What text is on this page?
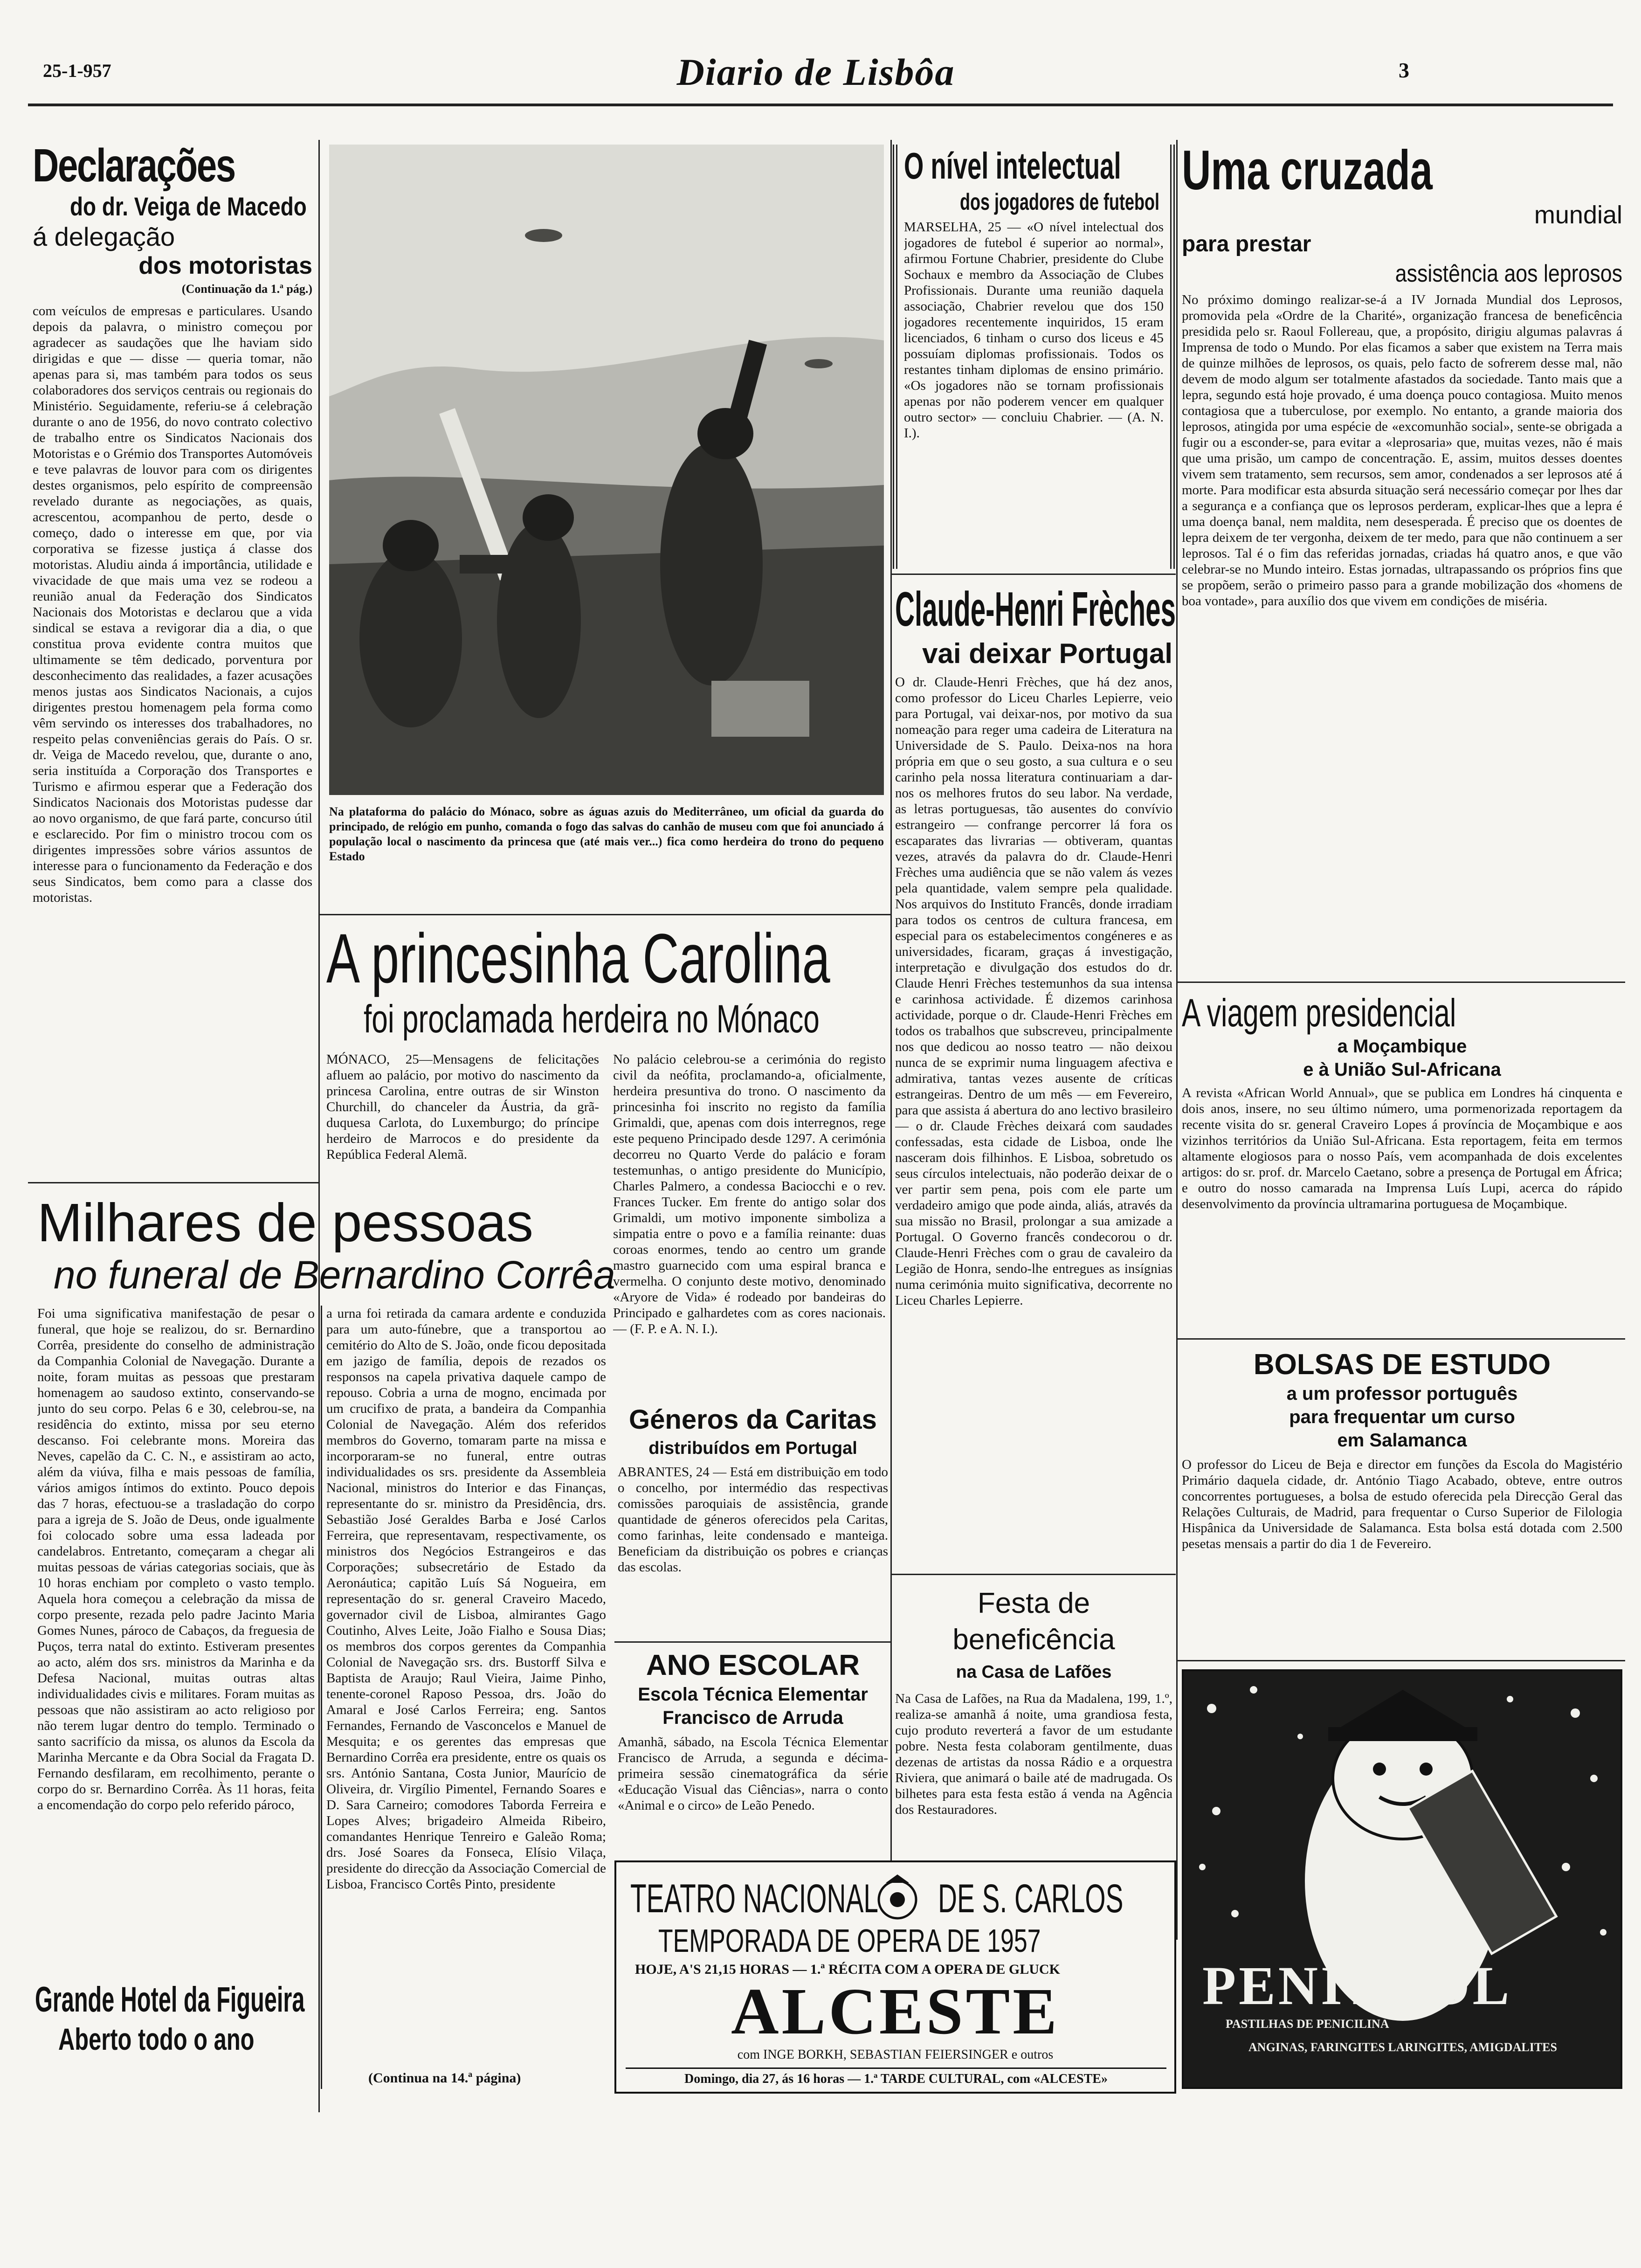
25-1-957	Diario de Lisbôa	3
Declarações
do dr. Veiga de Macedo
á delegação
dos motoristas
(Continuação da 1.ª pág.)
com veículos de empresas e particulares. Usando depois da palavra, o ministro começou por agradecer as saudações que lhe haviam sido dirigidas e que — disse — queria tomar, não apenas para si, mas também para todos os seus colaboradores dos serviços centrais ou regionais do Ministério. Seguidamente, referiu-se á celebração durante o ano de 1956, do novo contrato colectivo de trabalho entre os Sindicatos Nacionais dos Motoristas e o Grémio dos Transportes Automóveis e teve palavras de louvor para com os dirigentes destes organismos, pelo espírito de compreensão revelado durante as negociações, as quais, acrescentou, acompanhou de perto, desde o começo, dado o interesse em que, por via corporativa se fizesse justiça á classe dos motoristas. Aludiu ainda á importância, utilidade e vivacidade de que mais uma vez se rodeou a reunião anual da Federação dos Sindicatos Nacionais dos Motoristas e declarou que a vida sindical se estava a revigorar dia a dia, o que constitua prova evidente contra muitos que ultimamente se têm dedicado, porventura por desconhecimento das realidades, a fazer acusações menos justas aos Sindicatos Nacionais, a cujos dirigentes prestou homenagem pela forma como vêm servindo os interesses dos trabalhadores, no respeito pelas conveniências gerais do País. O sr. dr. Veiga de Macedo revelou, que, durante o ano, seria instituída a Corporação dos Transportes e Turismo e afirmou esperar que a Federação dos Sindicatos Nacionais dos Motoristas pudesse dar ao novo organismo, de que fará parte, concurso útil e esclarecido. Por fim o ministro trocou com os dirigentes impressões sobre vários assuntos de interesse para o funcionamento da Federação e dos seus Sindicatos, bem como para a classe dos motoristas.
Na plataforma do palácio do Mónaco, sobre as águas azuis do Mediterrâneo, um oficial da guarda do principado, de relógio em punho, comanda o fogo das salvas do canhão de museu com que foi anunciado á população local o nascimento da princesa que (até mais ver...) fica como herdeira do trono do pequeno Estado
A princesinha Carolina
foi proclamada herdeira no Mónaco
MÓNACO, 25—Mensagens de felicitações afluem ao palácio, por motivo do nascimento da princesa Carolina, entre outras de sir Winston Churchill, do chanceler da Áustria, da grã-duquesa Carlota, do Luxemburgo; do príncipe herdeiro de Marrocos e do presidente da República Federal Alemã.
No palácio celebrou-se a cerimónia do registo civil da neófita, proclamando-a, oficialmente, herdeira presuntiva do trono. O nascimento da princesinha foi inscrito no registo da família Grimaldi, que, apenas com dois interregnos, rege este pequeno Principado desde 1297. A cerimónia decorreu no Quarto Verde do palácio e foram testemunhas, o antigo presidente do Município, Charles Palmero, a condessa Baciocchi e o rev. Frances Tucker. Em frente do antigo solar dos Grimaldi, um motivo imponente simboliza a simpatia entre o povo e a família reinante: duas coroas enormes, tendo ao centro um grande mastro guarnecido com uma espiral branca e vermelha. O conjunto deste motivo, denominado «Aryore de Vida» é rodeado por bandeiras do Principado e galhardetes com as cores nacionais. — (F. P. e A. N. I.).
Milhares de pessoas
no funeral de Bernardino Corrêa
Foi uma significativa manifestação de pesar o funeral, que hoje se realizou, do sr. Bernardino Corrêa, presidente do conselho de administração da Companhia Colonial de Navegação. Durante a noite, foram muitas as pessoas que prestaram homenagem ao saudoso extinto, conservando-se junto do seu corpo. Pelas 6 e 30, celebrou-se, na residência do extinto, missa por seu eterno descanso. Foi celebrante mons. Moreira das Neves, capelão da C. C. N., e assistiram ao acto, além da viúva, filha e mais pessoas de família, vários amigos íntimos do extinto. Pouco depois das 7 horas, efectuou-se a trasladação do corpo para a igreja de S. João de Deus, onde igualmente foi colocado sobre uma essa ladeada por candelabros. Entretanto, começaram a chegar ali muitas pessoas de várias categorias sociais, que às 10 horas enchiam por completo o vasto templo. Aquela hora começou a celebração da missa de corpo presente, rezada pelo padre Jacinto Maria Gomes Nunes, pároco de Cabaços, da freguesia de Puços, terra natal do extinto. Estiveram presentes ao acto, além dos srs. ministros da Marinha e da Defesa Nacional, muitas outras altas individualidades civis e militares. Foram muitas as pessoas que não assistiram ao acto religioso por não terem lugar dentro do templo. Terminado o santo sacrifício da missa, os alunos da Escola da Marinha Mercante e da Obra Social da Fragata D. Fernando desfilaram, em recolhimento, perante o corpo do sr. Bernardino Corrêa. Às 11 horas, feita a encomendação do corpo pelo referido pároco,
a urna foi retirada da camara ardente e conduzida para um auto-fúnebre, que a transportou ao cemitério do Alto de S. João, onde ficou depositada em jazigo de família, depois de rezados os responsos na capela privativa daquele campo de repouso. Cobria a urna de mogno, encimada por um crucifixo de prata, a bandeira da Companhia Colonial de Navegação. Além dos referidos membros do Governo, tomaram parte na missa e incorporaram-se no funeral, entre outras individualidades os srs. presidente da Assembleia Nacional, ministros do Interior e das Finanças, representante do sr. ministro da Presidência, drs. Sebastião José Geraldes Barba e José Carlos Ferreira, que representavam, respectivamente, os ministros dos Negócios Estrangeiros e das Corporações; subsecretário de Estado da Aeronáutica; capitão Luís Sá Nogueira, em representação do sr. general Craveiro Macedo, governador civil de Lisboa, almirantes Gago Coutinho, Alves Leite, João Fialho e Sousa Dias; os membros dos corpos gerentes da Companhia Colonial de Navegação srs. drs. Bustorff Silva e Baptista de Araujo; Raul Vieira, Jaime Pinho, tenente-coronel Raposo Pessoa, drs. João do Amaral e José Carlos Ferreira; eng. Santos Fernandes, Fernando de Vasconcelos e Manuel de Mesquita; e os gerentes das empresas que Bernardino Corrêa era presidente, entre os quais os srs. António Santana, Costa Junior, Maurício de Oliveira, dr. Virgílio Pimentel, Fernando Soares e D. Sara Carneiro; comodores Taborda Ferreira e Lopes Alves; brigadeiro Almeida Ribeiro, comandantes Henrique Tenreiro e Galeão Roma; drs. José Soares da Fonseca, Elísio Vilaça, presidente do direcção da Associação Comercial de Lisboa, Francisco Cortês Pinto, presidente
(Continua na 14.ª página)
Grande Hotel da Figueira
Aberto todo o ano
O nível intelectual
dos jogadores de futebol
MARSELHA, 25 — «O nível intelectual dos jogadores de futebol é superior ao normal», afirmou Fortune Chabrier, presidente do Clube Sochaux e membro da Associação de Clubes Profissionais. Durante uma reunião daquela associação, Chabrier revelou que dos 150 jogadores recentemente inquiridos, 15 eram licenciados, 6 tinham o curso dos liceus e 45 possuíam diplomas profissionais. Todos os restantes tinham diplomas de ensino primário. «Os jogadores não se tornam profissionais apenas por não poderem vencer em qualquer outro sector» — concluiu Chabrier. — (A. N. I.).
Claude-Henri Frèches
vai deixar Portugal
O dr. Claude-Henri Frèches, que há dez anos, como professor do Liceu Charles Lepierre, veio para Portugal, vai deixar-nos, por motivo da sua nomeação para reger uma cadeira de Literatura na Universidade de S. Paulo. Deixa-nos na hora própria em que o seu gosto, a sua cultura e o seu carinho pela nossa literatura continuariam a dar-nos os melhores frutos do seu labor. Na verdade, as letras portuguesas, tão ausentes do convívio estrangeiro — confrange percorrer lá fora os escaparates das livrarias — obtiveram, quantas vezes, através da palavra do dr. Claude-Henri Frèches uma audiência que se não valem ás vezes pela quantidade, valem sempre pela qualidade. Nos arquivos do Instituto Francês, donde irradiam para todos os centros de cultura francesa, em especial para os estabelecimentos congéneres e as universidades, ficaram, graças á investigação, interpretação e divulgação dos estudos do dr. Claude Henri Frèches testemunhos da sua intensa e carinhosa actividade. É dizemos carinhosa actividade, porque o dr. Claude-Henri Frèches em todos os trabalhos que subscreveu, principalmente nos que dedicou ao nosso teatro — não deixou nunca de se exprimir numa linguagem afectiva e admirativa, tantas vezes ausente de críticas estrangeiras. Dentro de um mês — em Fevereiro, para que assista á abertura do ano lectivo brasileiro — o dr. Claude Frèches deixará com saudades confessadas, esta cidade de Lisboa, onde lhe nasceram dois filhinhos. E Lisboa, sobretudo os seus círculos intelectuais, não poderão deixar de o ver partir sem pena, pois com ele parte um verdadeiro amigo que pode ainda, aliás, através da sua missão no Brasil, prolongar a sua amizade a Portugal. O Governo francês condecorou o dr. Claude-Henri Frèches com o grau de cavaleiro da Legião de Honra, sendo-lhe entregues as insígnias numa cerimónia muito significativa, decorrente no Liceu Charles Lepierre.
Géneros da Caritas
distribuídos em Portugal
ABRANTES, 24 — Está em distribuição em todo o concelho, por intermédio das respectivas comissões paroquiais de assistência, grande quantidade de géneros oferecidos pela Caritas, como farinhas, leite condensado e manteiga. Beneficiam da distribuição os pobres e crianças das escolas.
ANO ESCOLAR
Escola Técnica Elementar Francisco de Arruda
Amanhã, sábado, na Escola Técnica Elementar Francisco de Arruda, a segunda e décima-primeira sessão cinematográfica da série «Educação Visual das Ciências», narra o conto «Animal e o circo» de Leão Penedo.
Festa de beneficência
na Casa de Lafões
Na Casa de Lafões, na Rua da Madalena, 199, 1.º, realiza-se amanhã á noite, uma grandiosa festa, cujo produto reverterá a favor de um estudante pobre. Nesta festa colaboram gentilmente, duas dezenas de artistas da nossa Rádio e a orquestra Riviera, que animará o baile até de madrugada. Os bilhetes para esta festa estão á venda na Agência dos Restauradores.
TEATRO NACIONAL DE S. CARLOS
TEMPORADA DE OPERA DE 1957
HOJE, A'S 21,15 HORAS — 1.ª RÉCITA COM A OPERA DE GLUCK
ALCESTE
com INGE BORKH, SEBASTIAN FEIERSINGER e outros
Domingo, dia 27, ás 16 horas — 1.ª TARDE CULTURAL, com «ALCESTE»
Uma cruzada
mundial
para prestar
assistência aos leprosos
No próximo domingo realizar-se-á a IV Jornada Mundial dos Leprosos, promovida pela «Ordre de la Charité», organização francesa de beneficência presidida pelo sr. Raoul Follereau, que, a propósito, dirigiu algumas palavras á Imprensa de todo o Mundo. Por elas ficamos a saber que existem na Terra mais de quinze milhões de leprosos, os quais, pelo facto de sofrerem desse mal, não devem de modo algum ser totalmente afastados da sociedade. Tanto mais que a lepra, segundo está hoje provado, é uma doença pouco contagiosa. Muito menos contagiosa que a tuberculose, por exemplo. No entanto, a grande maioria dos leprosos, atingida por uma espécie de «excomunhão social», sente-se obrigada a fugir ou a esconder-se, para evitar a «leprosaria» que, muitas vezes, não é mais que uma prisão, um campo de concentração. E, assim, muitos desses doentes vivem sem tratamento, sem recursos, sem amor, condenados a ser leprosos até á morte. Para modificar esta absurda situação será necessário começar por lhes dar a segurança e a confiança que os leprosos perderam, explicar-lhes que a lepra é uma doença banal, nem maldita, nem desesperada. É preciso que os doentes de lepra deixem de ter vergonha, deixem de ter medo, para que não continuem a ser leprosos. Tal é o fim das referidas jornadas, criadas há quatro anos, e que vão celebrar-se no Mundo inteiro. Estas jornadas, ultrapassando os próprios fins que se propõem, serão o primeiro passo para a grande mobilização dos «homens de boa vontade», para auxílio dos que vivem em condições de miséria.
A viagem presidencial
a Moçambique
e à União Sul-Africana
A revista «African World Annual», que se publica em Londres há cinquenta e dois anos, insere, no seu último número, uma pormenorizada reportagem da recente visita do sr. general Craveiro Lopes á província de Moçambique e aos vizinhos territórios da União Sul-Africana. Esta reportagem, feita em termos altamente elogiosos para o nosso País, vem acompanhada de dois excelentes artigos: do sr. prof. dr. Marcelo Caetano, sobre a presença de Portugal em África; e outro do nosso camarada na Imprensa Luís Lupi, acerca do rápido desenvolvimento da província ultramarina portuguesa de Moçambique.
BOLSAS DE ESTUDO
a um professor português
para frequentar um curso
em Salamanca
O professor do Liceu de Beja e director em funções da Escola do Magistério Primário daquela cidade, dr. António Tiago Acabado, obteve, entre outros concorrentes portugueses, a bolsa de estudo oferecida pela Direcção Geral das Relações Culturais, de Madrid, para frequentar o Curso Superior de Filologia Hispânica da Universidade de Salamanca. Esta bolsa está dotada com 2.500 pesetas mensais a partir do dia 1 de Fevereiro.
PENITROL
PASTILHAS DE PENICILINA
ANGINAS, FARINGITES LARINGITES, AMIGDALITES
